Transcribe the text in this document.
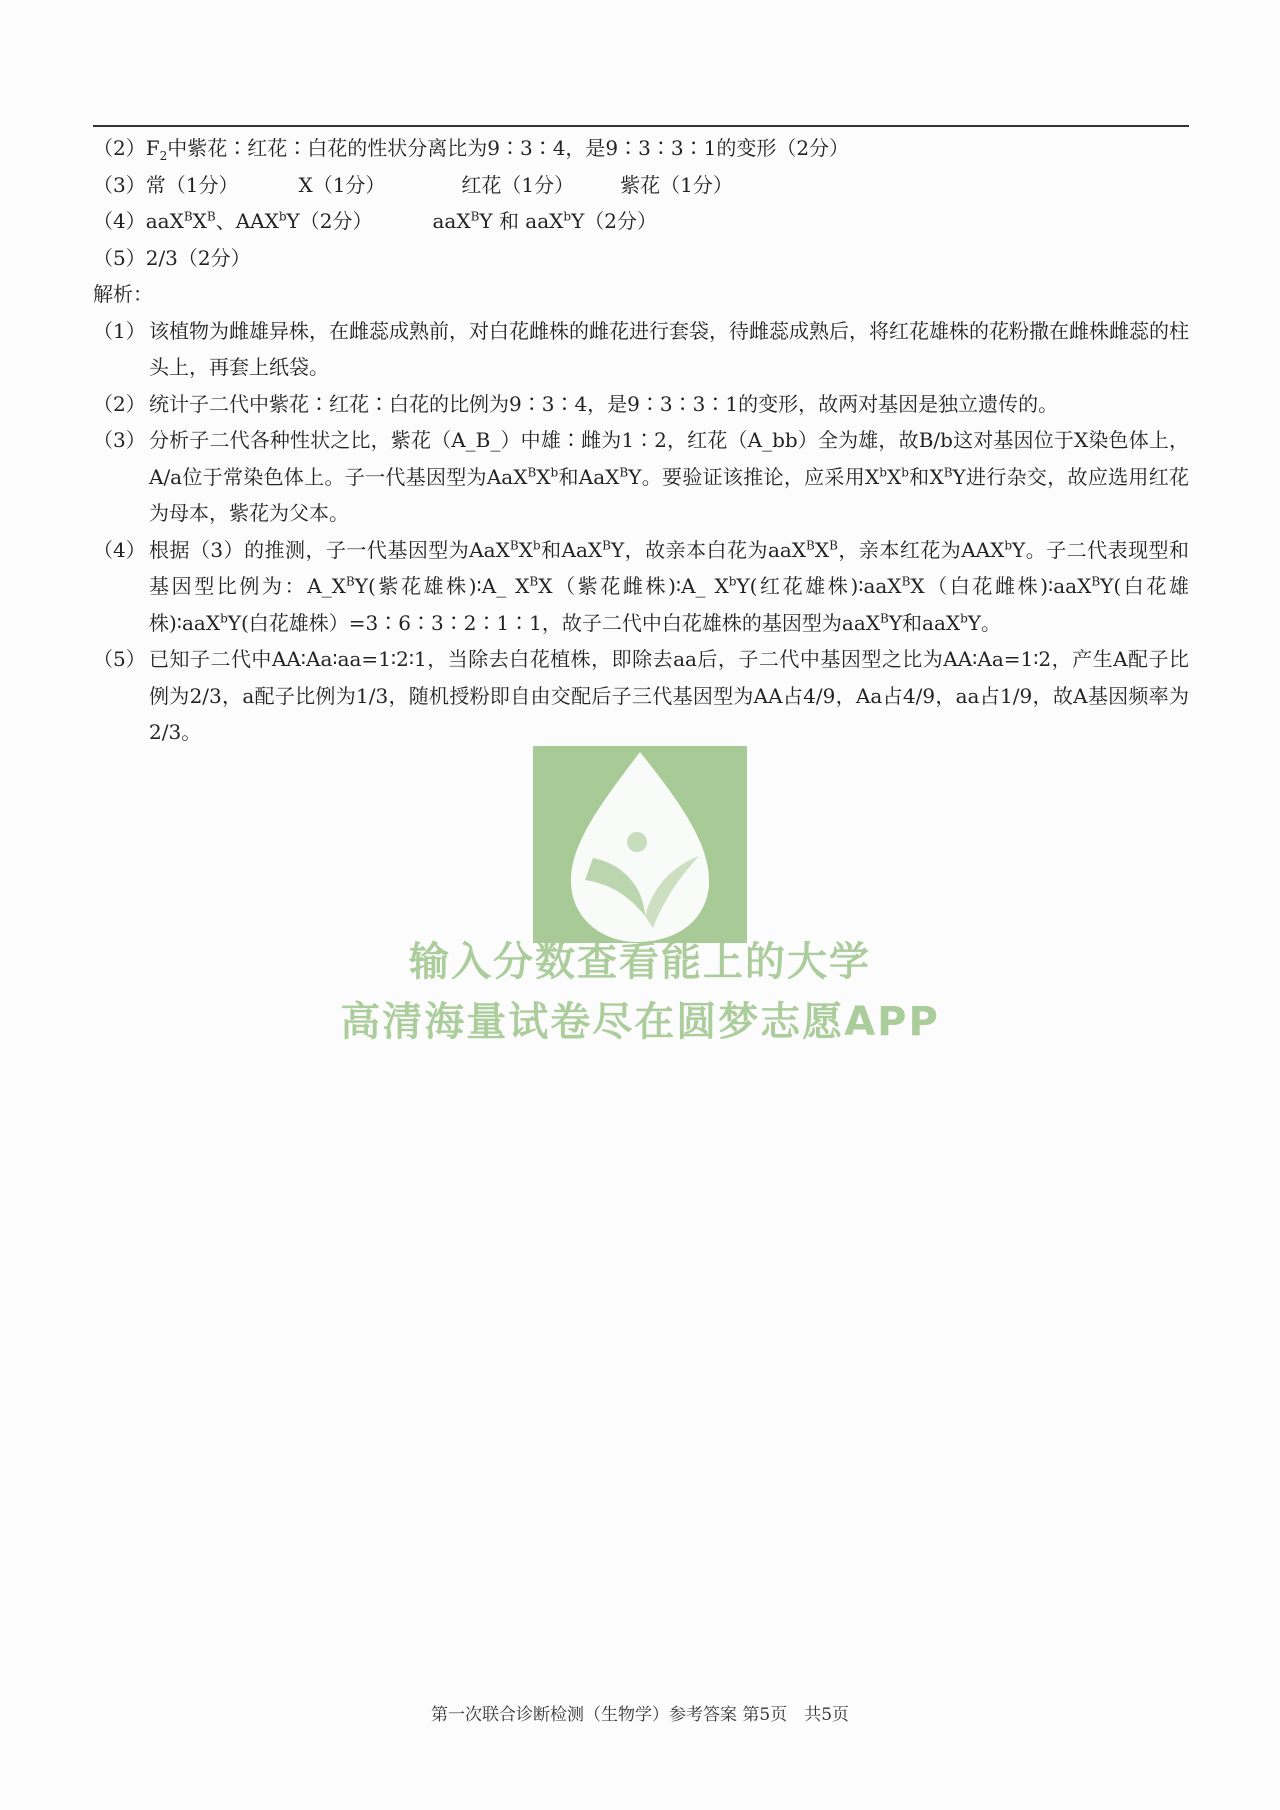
$(2)F_2$中紫花∶红花∶白花的性状分离比为9∶3∶4，是9∶3∶3∶1的变形（2分）
（3）常（1分）	X（1分）	红花（1分） 紫花（1分）
$(4)aaX^BX^B$、AAX$^b$Y（2分）	aaX$^B$Y 和 aaX$^b$Y（2分）
（5）2/3（2分）
解析：
（1） 该植物为雌雄异株，在雌蕊成熟前，对白花雌株的雌花进行套袋，待雌蕊成熟后，将红花雄株的花粉撒在雌株雌蕊的柱头上，再套上纸袋。
（2） 统计子二代中紫花∶红花∶白花的比例为9∶3∶4，是9∶3∶3∶1的变形，故两对基因是独立遗传的。
（3） 分析子二代各种性状之比，紫花（A_B_）中雄∶雌为1∶2，红花（A_bb）全为雄，故B/b这对基因位于X染色体上，A/a位于常染色体上。子一代基因型为$AaX^BX^b$和AaX$^B$Y。要验证该推论，应采用$X^bX^b$和$X^BY$进行杂交，故应选用红花为母本，紫花为父本。
（4） 根据（3）的推测，子一代基因型为$AaX^BX^b$和AaX$^B$Y，故亲本白花为$aaX^BX^B$，亲本红花为AAX$^b$Y。子二代表现型和基因型比例为：$A\_X^BY$(紫花雄株)∶A_ $X^BX$（紫花雌株)∶A_ $X^bY$(红花雄株)∶aaX$^B$X（白花雌株)∶aaX$^B$Y(白花雄株)∶aaX$^b$Y(白花雄株）=3∶6∶3∶2∶1∶1，故子二代中白花雄株的基因型为aaX$^B$Y和aaX$^b$Y。
（5） 已知子二代中AA∶Aa∶aa=1∶2∶1，当除去白花植株，即除去aa后，子二代中基因型之比为AA∶Aa=1∶2，产生A配子比例为2/3，a配子比例为1/3，随机授粉即自由交配后子三代基因型为AA占4/9，Aa占4/9，aa占1/9，故A基因频率为2/3。
输入分数查看能上的大学
高清海量试卷尽在圆梦志愿APP
第一次联合诊断检测（生物学）参考答案 第5页　共5页
